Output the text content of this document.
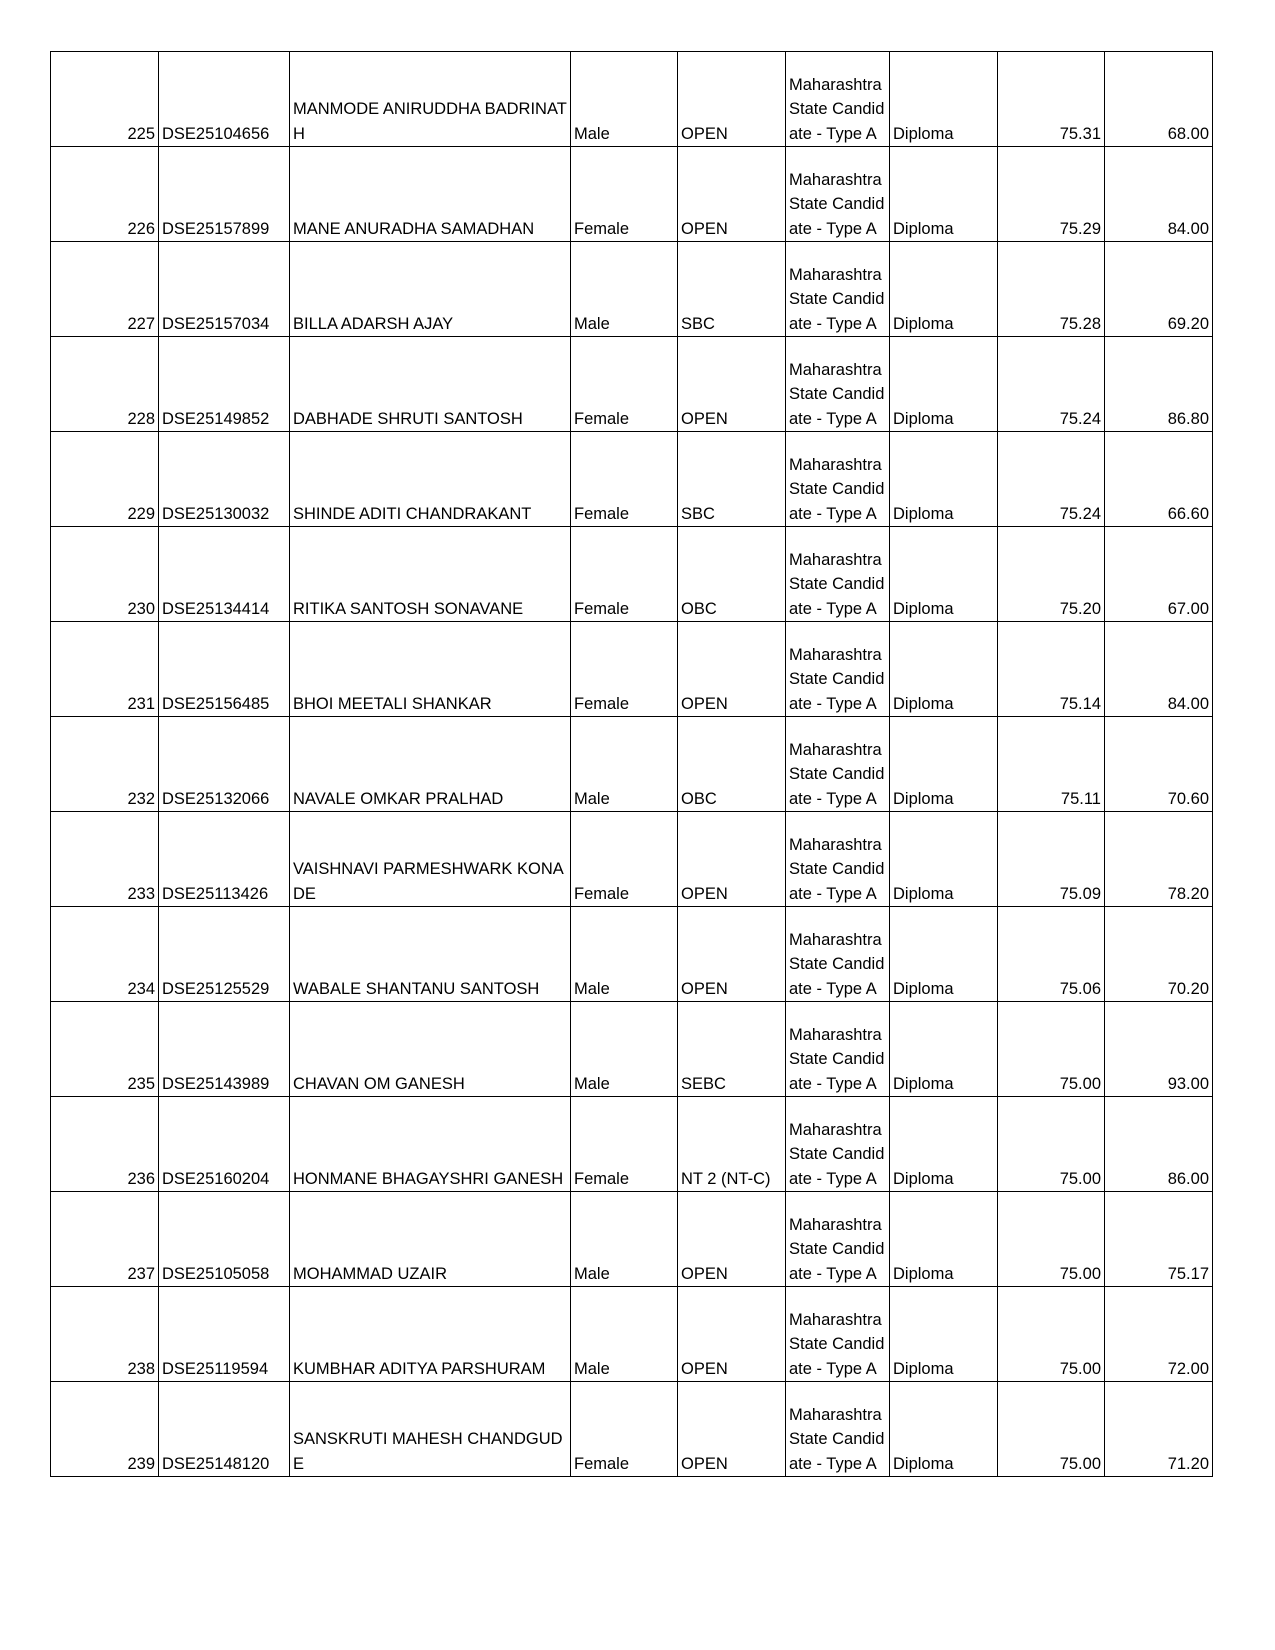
225	DSE25104656	MANMODE ANIRUDDHA BADRINATH	Male	OPEN	Maharashtra State Candidate - Type A	Diploma	75.31	68.00
226	DSE25157899	MANE ANURADHA SAMADHAN	Female	OPEN	Maharashtra State Candidate - Type A	Diploma	75.29	84.00
227	DSE25157034	BILLA ADARSH AJAY	Male	SBC	Maharashtra State Candidate - Type A	Diploma	75.28	69.20
228	DSE25149852	DABHADE SHRUTI SANTOSH	Female	OPEN	Maharashtra State Candidate - Type A	Diploma	75.24	86.80
229	DSE25130032	SHINDE ADITI CHANDRAKANT	Female	SBC	Maharashtra State Candidate - Type A	Diploma	75.24	66.60
230	DSE25134414	RITIKA SANTOSH SONAVANE	Female	OBC	Maharashtra State Candidate - Type A	Diploma	75.20	67.00
231	DSE25156485	BHOI MEETALI SHANKAR	Female	OPEN	Maharashtra State Candidate - Type A	Diploma	75.14	84.00
232	DSE25132066	NAVALE OMKAR PRALHAD	Male	OBC	Maharashtra State Candidate - Type A	Diploma	75.11	70.60
233	DSE25113426	VAISHNAVI PARMESHWARK KONADE	Female	OPEN	Maharashtra State Candidate - Type A	Diploma	75.09	78.20
234	DSE25125529	WABALE SHANTANU SANTOSH	Male	OPEN	Maharashtra State Candidate - Type A	Diploma	75.06	70.20
235	DSE25143989	CHAVAN OM GANESH	Male	SEBC	Maharashtra State Candidate - Type A	Diploma	75.00	93.00
236	DSE25160204	HONMANE BHAGAYSHRI GANESH	Female	NT 2 (NT-C)	Maharashtra State Candidate - Type A	Diploma	75.00	86.00
237	DSE25105058	MOHAMMAD UZAIR	Male	OPEN	Maharashtra State Candidate - Type A	Diploma	75.00	75.17
238	DSE25119594	KUMBHAR ADITYA PARSHURAM	Male	OPEN	Maharashtra State Candidate - Type A	Diploma	75.00	72.00
239	DSE25148120	SANSKRUTI MAHESH CHANDGUDE	Female	OPEN	Maharashtra State Candidate - Type A	Diploma	75.00	71.20
